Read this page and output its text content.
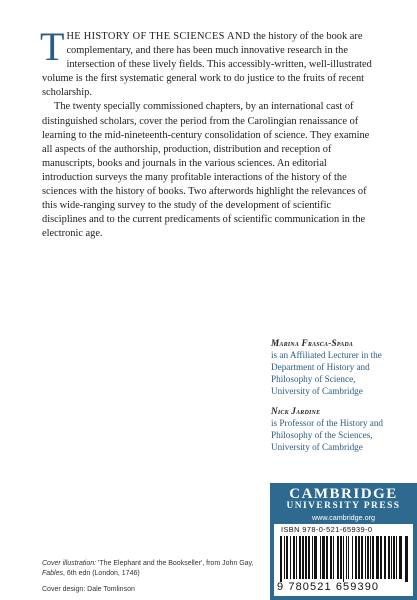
THE HISTORY OF THE SCIENCES AND the history of the book are complementary, and there has been much innovative research in the intersection of these lively fields. This accessibly-written, well-illustrated volume is the first systematic general work to do justice to the fruits of recent scholarship.

The twenty specially commissioned chapters, by an international cast of distinguished scholars, cover the period from the Carolingian renaissance of learning to the mid-nineteenth-century consolidation of science. They examine all aspects of the authorship, production, distribution and reception of manuscripts, books and journals in the various sciences. An editorial introduction surveys the many profitable interactions of the history of the sciences with the history of books. Two afterwords highlight the relevances of this wide-ranging survey to the study of the development of scientific disciplines and to the current predicaments of scientific communication in the electronic age.

Marina Frasca-Spada
is an Affiliated Lecturer in the Department of History and Philosophy of Science, University of Cambridge
Nick Jardine
is Professor of the History and Philosophy of the Sciences, University of Cambridge
CAMBRIDGE
UNIVERSITY PRESS
www.cambridge.org
ISBN 978-0-521-65939-0
9 780521 659390
Cover illustration: 'The Elephant and the Bookseller', from John Gay, Fables, 6th edn (London, 1746)
Cover design: Dale Tomlinson
